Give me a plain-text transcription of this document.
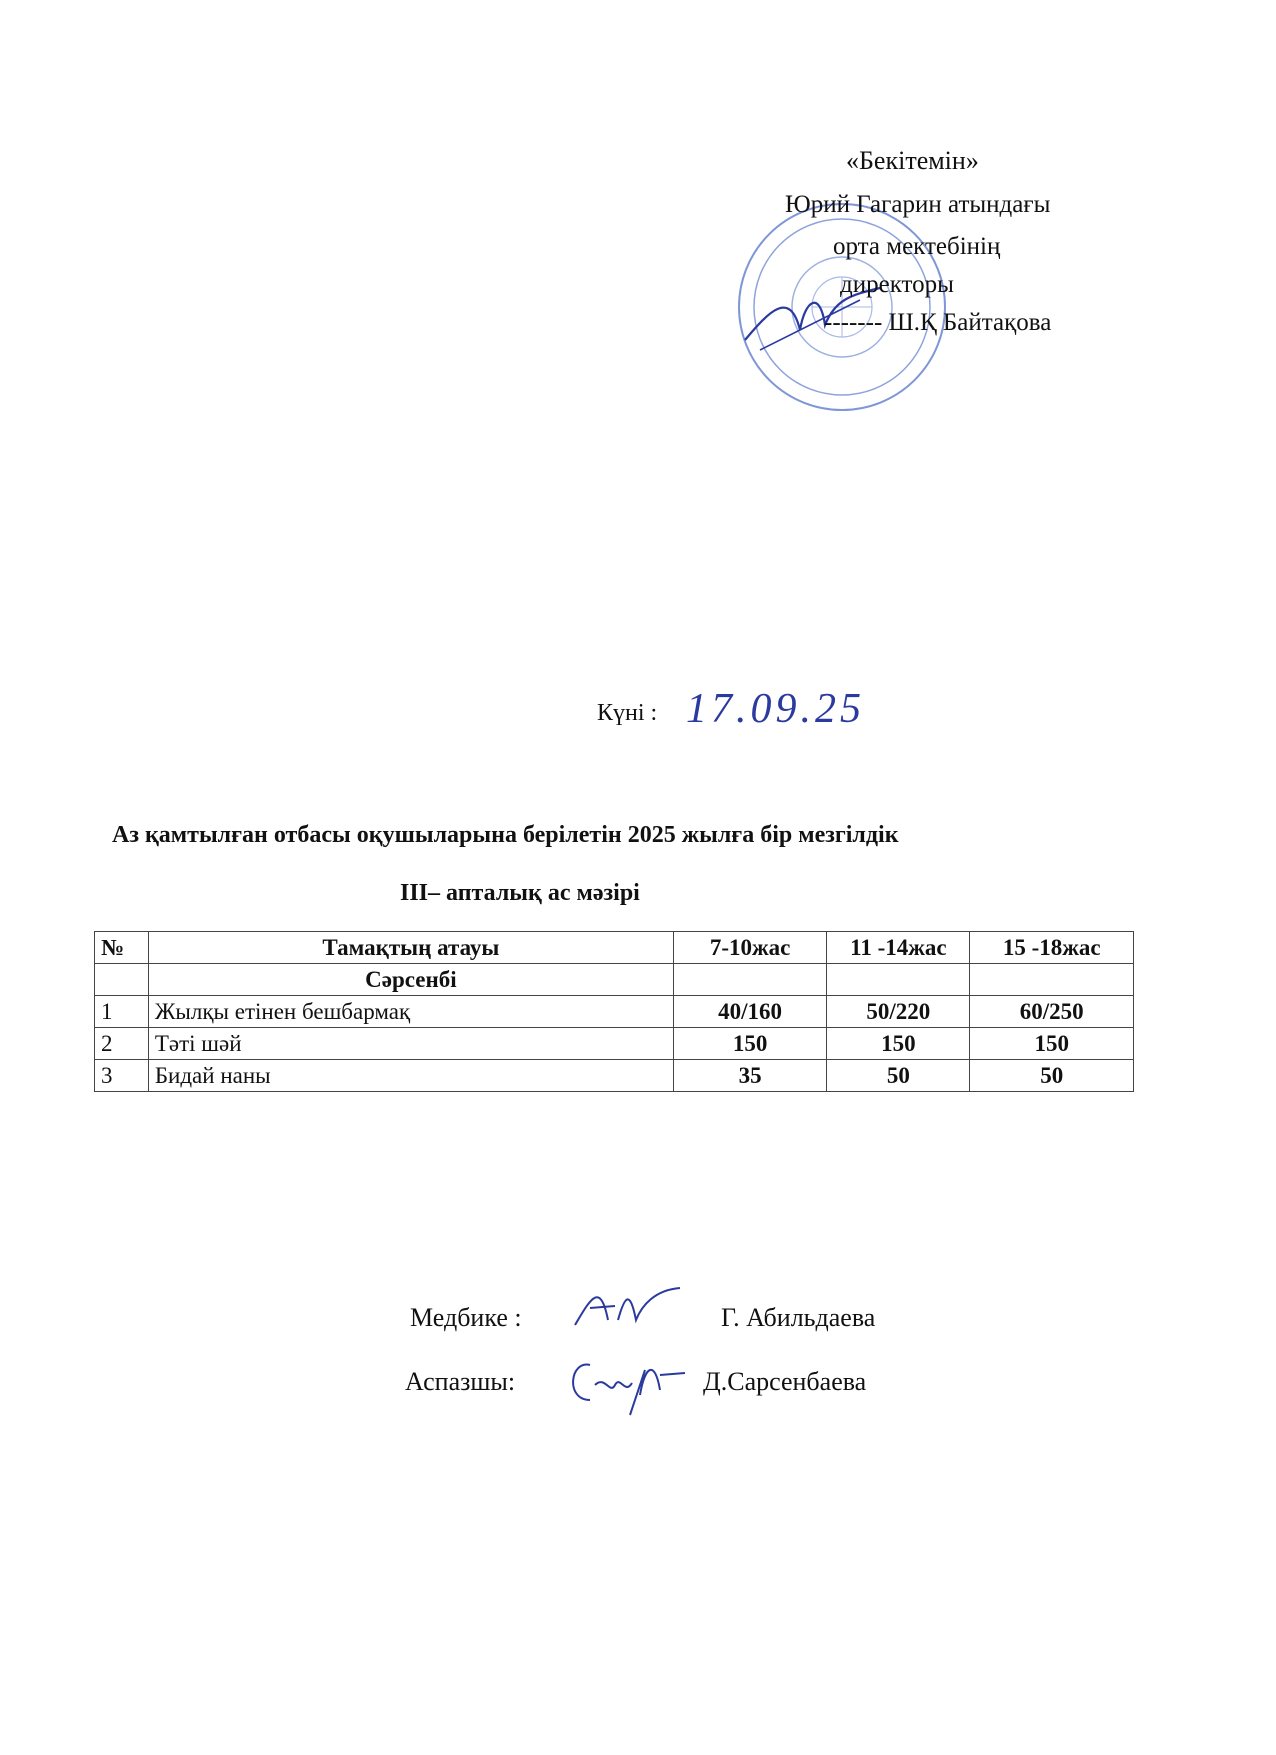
«Бекітемін»
Юрий Гагарин атындағы
орта мектебінің
директоры
------- Ш.Қ Байтақова
Күні : 17.09.25
Аз қамтылған отбасы оқушыларына берілетін 2025 жылға бір мезгілдік
ІІІ– апталық ас мәзірі
№	Тамақтың атауы	7-10жас	11 -14жас	15 -18жас
	Сәрсенбі			
1	Жылқы етінен бешбармақ	40/160	50/220	60/250
2	Тәті шәй	150	150	150
3	Бидай наны	35	50	50
Медбике :	Г. Абильдаева
Аспазшы:	Д.Сарсенбаева
